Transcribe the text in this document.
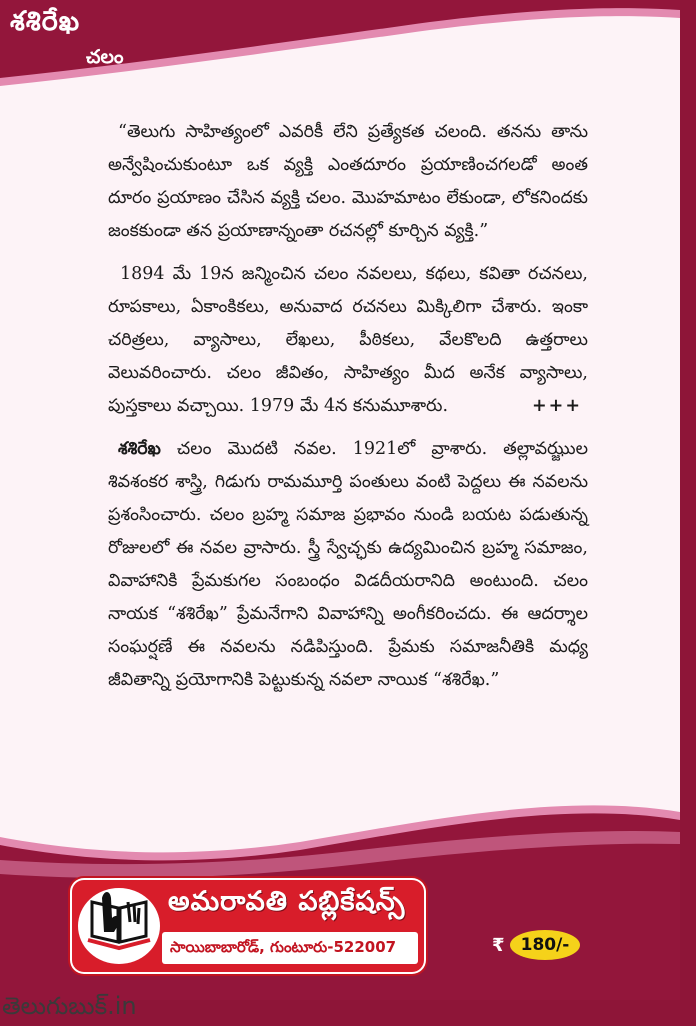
శశిరేఖ
చలం

“తెలుగు సాహిత్యంలో ఎవరికీ లేని ప్రత్యేకత చలంది. తనను తాను అన్వేషించుకుంటూ ఒక వ్యక్తి ఎంతదూరం ప్రయాణించగలడో అంత దూరం ప్రయాణం చేసిన వ్యక్తి చలం. మొహమాటం లేకుండా, లోకనిందకు జంకకుండా తన ప్రయాణాన్నంతా రచనల్లో కూర్చిన వ్యక్తి.”

1894 మే 19న జన్మించిన చలం నవలలు, కథలు, కవితా రచనలు, రూపకాలు, ఏకాంకికలు, అనువాద రచనలు మిక్కిలిగా చేశారు. ఇంకా చరిత్రలు, వ్యాసాలు, లేఖలు, పీఠికలు, వేలకొలది ఉత్తరాలు వెలువరించారు. చలం జీవితం, సాహిత్యం మీద అనేక వ్యాసాలు, పుస్తకాలు వచ్చాయి. 1979 మే 4న కనుమూశారు.	+++

శశిరేఖ చలం మొదటి నవల. 1921లో వ్రాశారు. తల్లావఝ్జుల శివశంకర శాస్త్రి, గిడుగు రామమూర్తి పంతులు వంటి పెద్దలు ఈ నవలను ప్రశంసించారు. చలం బ్రహ్మ సమాజ ప్రభావం నుండి బయట పడుతున్న రోజులలో ఈ నవల వ్రాసారు. స్త్రీ స్వేచ్ఛకు ఉద్యమించిన బ్రహ్మ సమాజం, వివాహానికి ప్రేమకుగల సంబంధం విడదీయరానిది అంటుంది. చలం నాయక “శశిరేఖ” ప్రేమనేగాని వివాహాన్ని అంగీకరించదు. ఈ ఆదర్శాల సంఘర్షణే ఈ నవలను నడిపిస్తుంది. ప్రేమకు సమాజనీతికి మధ్య జీవితాన్ని ప్రయోగానికి పెట్టుకున్న నవలా నాయిక “శశిరేఖ.”

అమరావతి పబ్లికేషన్స్
సాయిబాబారోడ్, గుంటూరు-522007	₹ 180/-
తెలుగుబుక్.in
